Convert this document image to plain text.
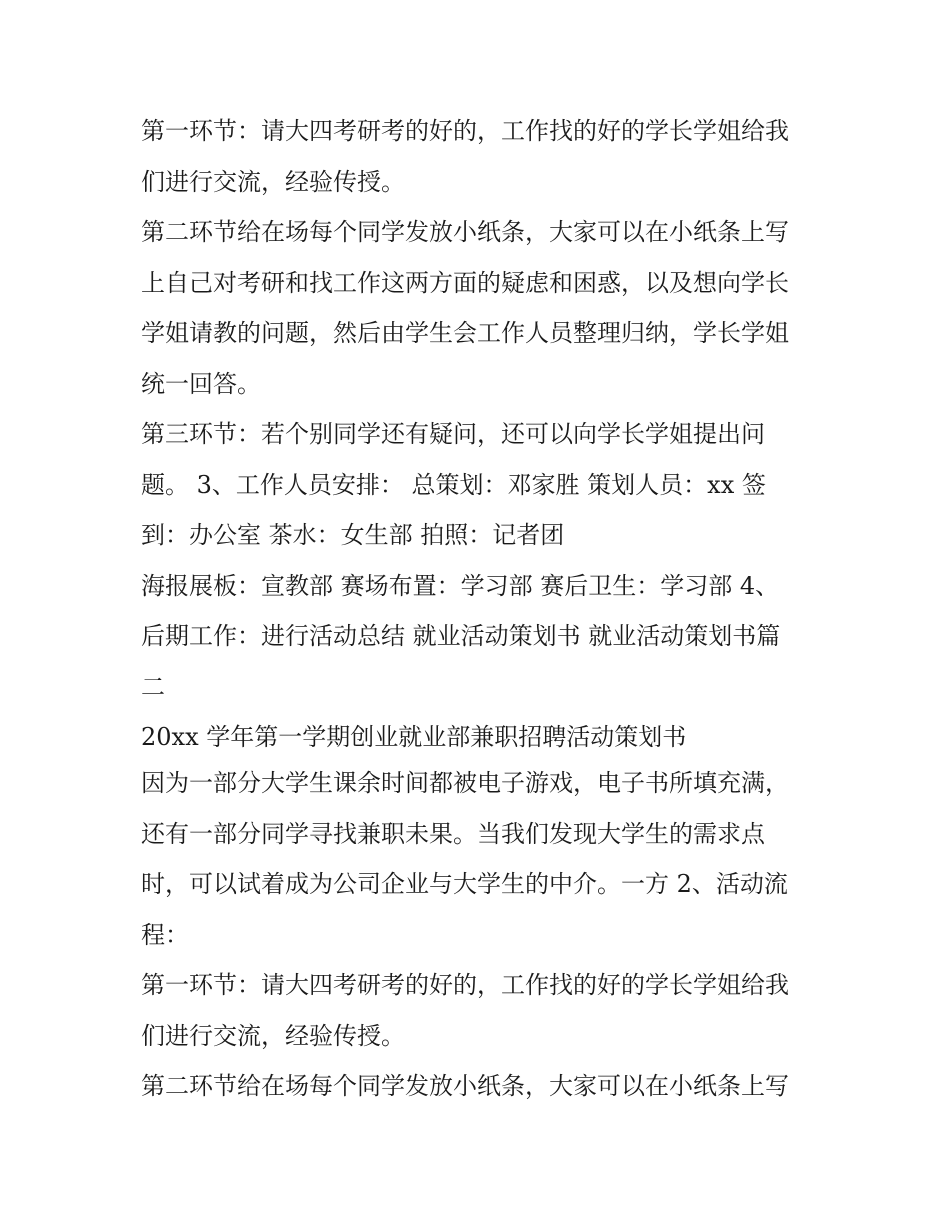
第一环节：请大四考研考的好的，工作找的好的学长学姐给我
们进行交流，经验传授。
第二环节给在场每个同学发放小纸条，大家可以在小纸条上写
上自己对考研和找工作这两方面的疑虑和困惑，以及想向学长
学姐请教的问题，然后由学生会工作人员整理归纳，学长学姐
统一回答。
第三环节：若个别同学还有疑问，还可以向学长学姐提出问
题。 3、工作人员安排： 总策划：邓家胜 策划人员：xx 签
到：办公室 茶水：女生部 拍照：记者团
海报展板：宣教部 赛场布置：学习部 赛后卫生：学习部 4、
后期工作：进行活动总结 就业活动策划书 就业活动策划书篇
二
20xx 学年第一学期创业就业部兼职招聘活动策划书
因为一部分大学生课余时间都被电子游戏，电子书所填充满，
还有一部分同学寻找兼职未果。当我们发现大学生的需求点
时，可以试着成为公司企业与大学生的中介。一方 2、活动流
程：
第一环节：请大四考研考的好的，工作找的好的学长学姐给我
们进行交流，经验传授。
第二环节给在场每个同学发放小纸条，大家可以在小纸条上写
